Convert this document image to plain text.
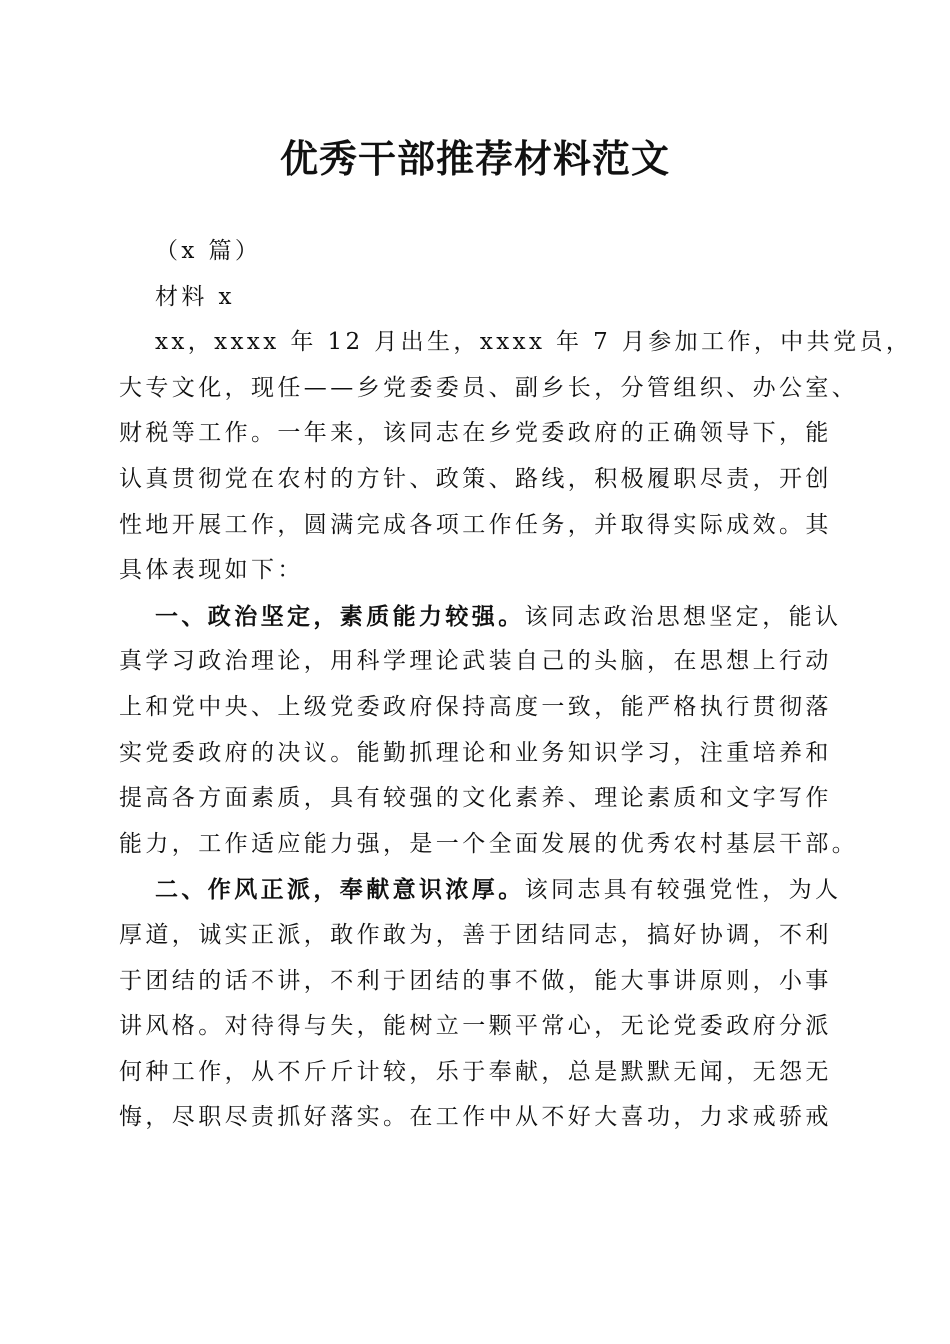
优秀干部推荐材料范文
（x 篇）
材料 x
xx，xxxx 年 12 月出生，xxxx 年 7 月参加工作，中共党员，
大专文化，现任——乡党委委员、副乡长，分管组织、办公室、
财税等工作。一年来，该同志在乡党委政府的正确领导下，能
认真贯彻党在农村的方针、政策、路线，积极履职尽责，开创
性地开展工作，圆满完成各项工作任务，并取得实际成效。其
具体表现如下：
一、政治坚定，素质能力较强。该同志政治思想坚定，能认
真学习政治理论，用科学理论武装自己的头脑，在思想上行动
上和党中央、上级党委政府保持高度一致，能严格执行贯彻落
实党委政府的决议。能勤抓理论和业务知识学习，注重培养和
提高各方面素质，具有较强的文化素养、理论素质和文字写作
能力，工作适应能力强，是一个全面发展的优秀农村基层干部。
二、作风正派，奉献意识浓厚。该同志具有较强党性，为人
厚道，诚实正派，敢作敢为，善于团结同志，搞好协调，不利
于团结的话不讲，不利于团结的事不做，能大事讲原则，小事
讲风格。对待得与失，能树立一颗平常心，无论党委政府分派
何种工作，从不斤斤计较，乐于奉献，总是默默无闻，无怨无
悔，尽职尽责抓好落实。在工作中从不好大喜功，力求戒骄戒
